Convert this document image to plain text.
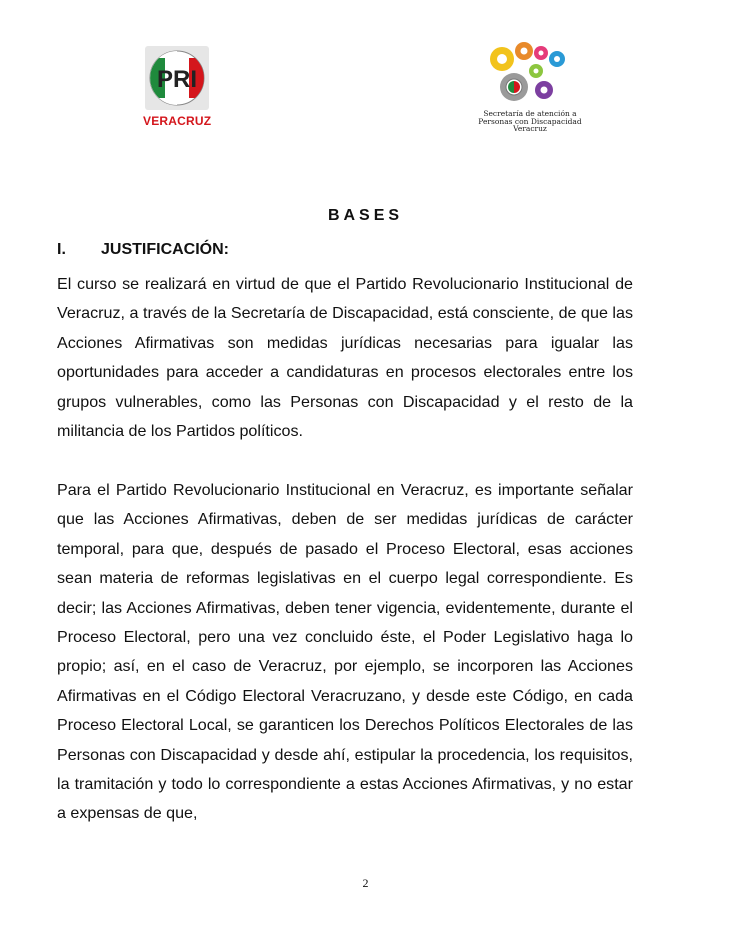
PRI
VERACRUZ
Secretaría de atención a
Personas con Discapacidad
Veracruz
BASES
I. JUSTIFICACIÓN:

El curso se realizará en virtud de que el Partido Revolucionario Institucional de Veracruz, a través de la Secretaría de Discapacidad, está consciente, de que las Acciones Afirmativas son medidas jurídicas necesarias para igualar las oportunidades para acceder a candidaturas en procesos electorales entre los grupos vulnerables, como las Personas con Discapacidad y el resto de la militancia de los Partidos políticos.

Para el Partido Revolucionario Institucional en Veracruz, es importante señalar que las Acciones Afirmativas, deben de ser medidas jurídicas de carácter temporal, para que, después de pasado el Proceso Electoral, esas acciones sean materia de reformas legislativas en el cuerpo legal correspondiente. Es decir; las Acciones Afirmativas, deben tener vigencia, evidentemente, durante el Proceso Electoral, pero una vez concluido éste, el Poder Legislativo haga lo propio; así, en el caso de Veracruz, por ejemplo, se incorporen las Acciones Afirmativas en el Código Electoral Veracruzano, y desde este Código, en cada Proceso Electoral Local, se garanticen los Derechos Políticos Electorales de las Personas con Discapacidad y desde ahí, estipular la procedencia, los requisitos, la tramitación y todo lo correspondiente a estas Acciones Afirmativas, y no estar a expensas de que,

2
